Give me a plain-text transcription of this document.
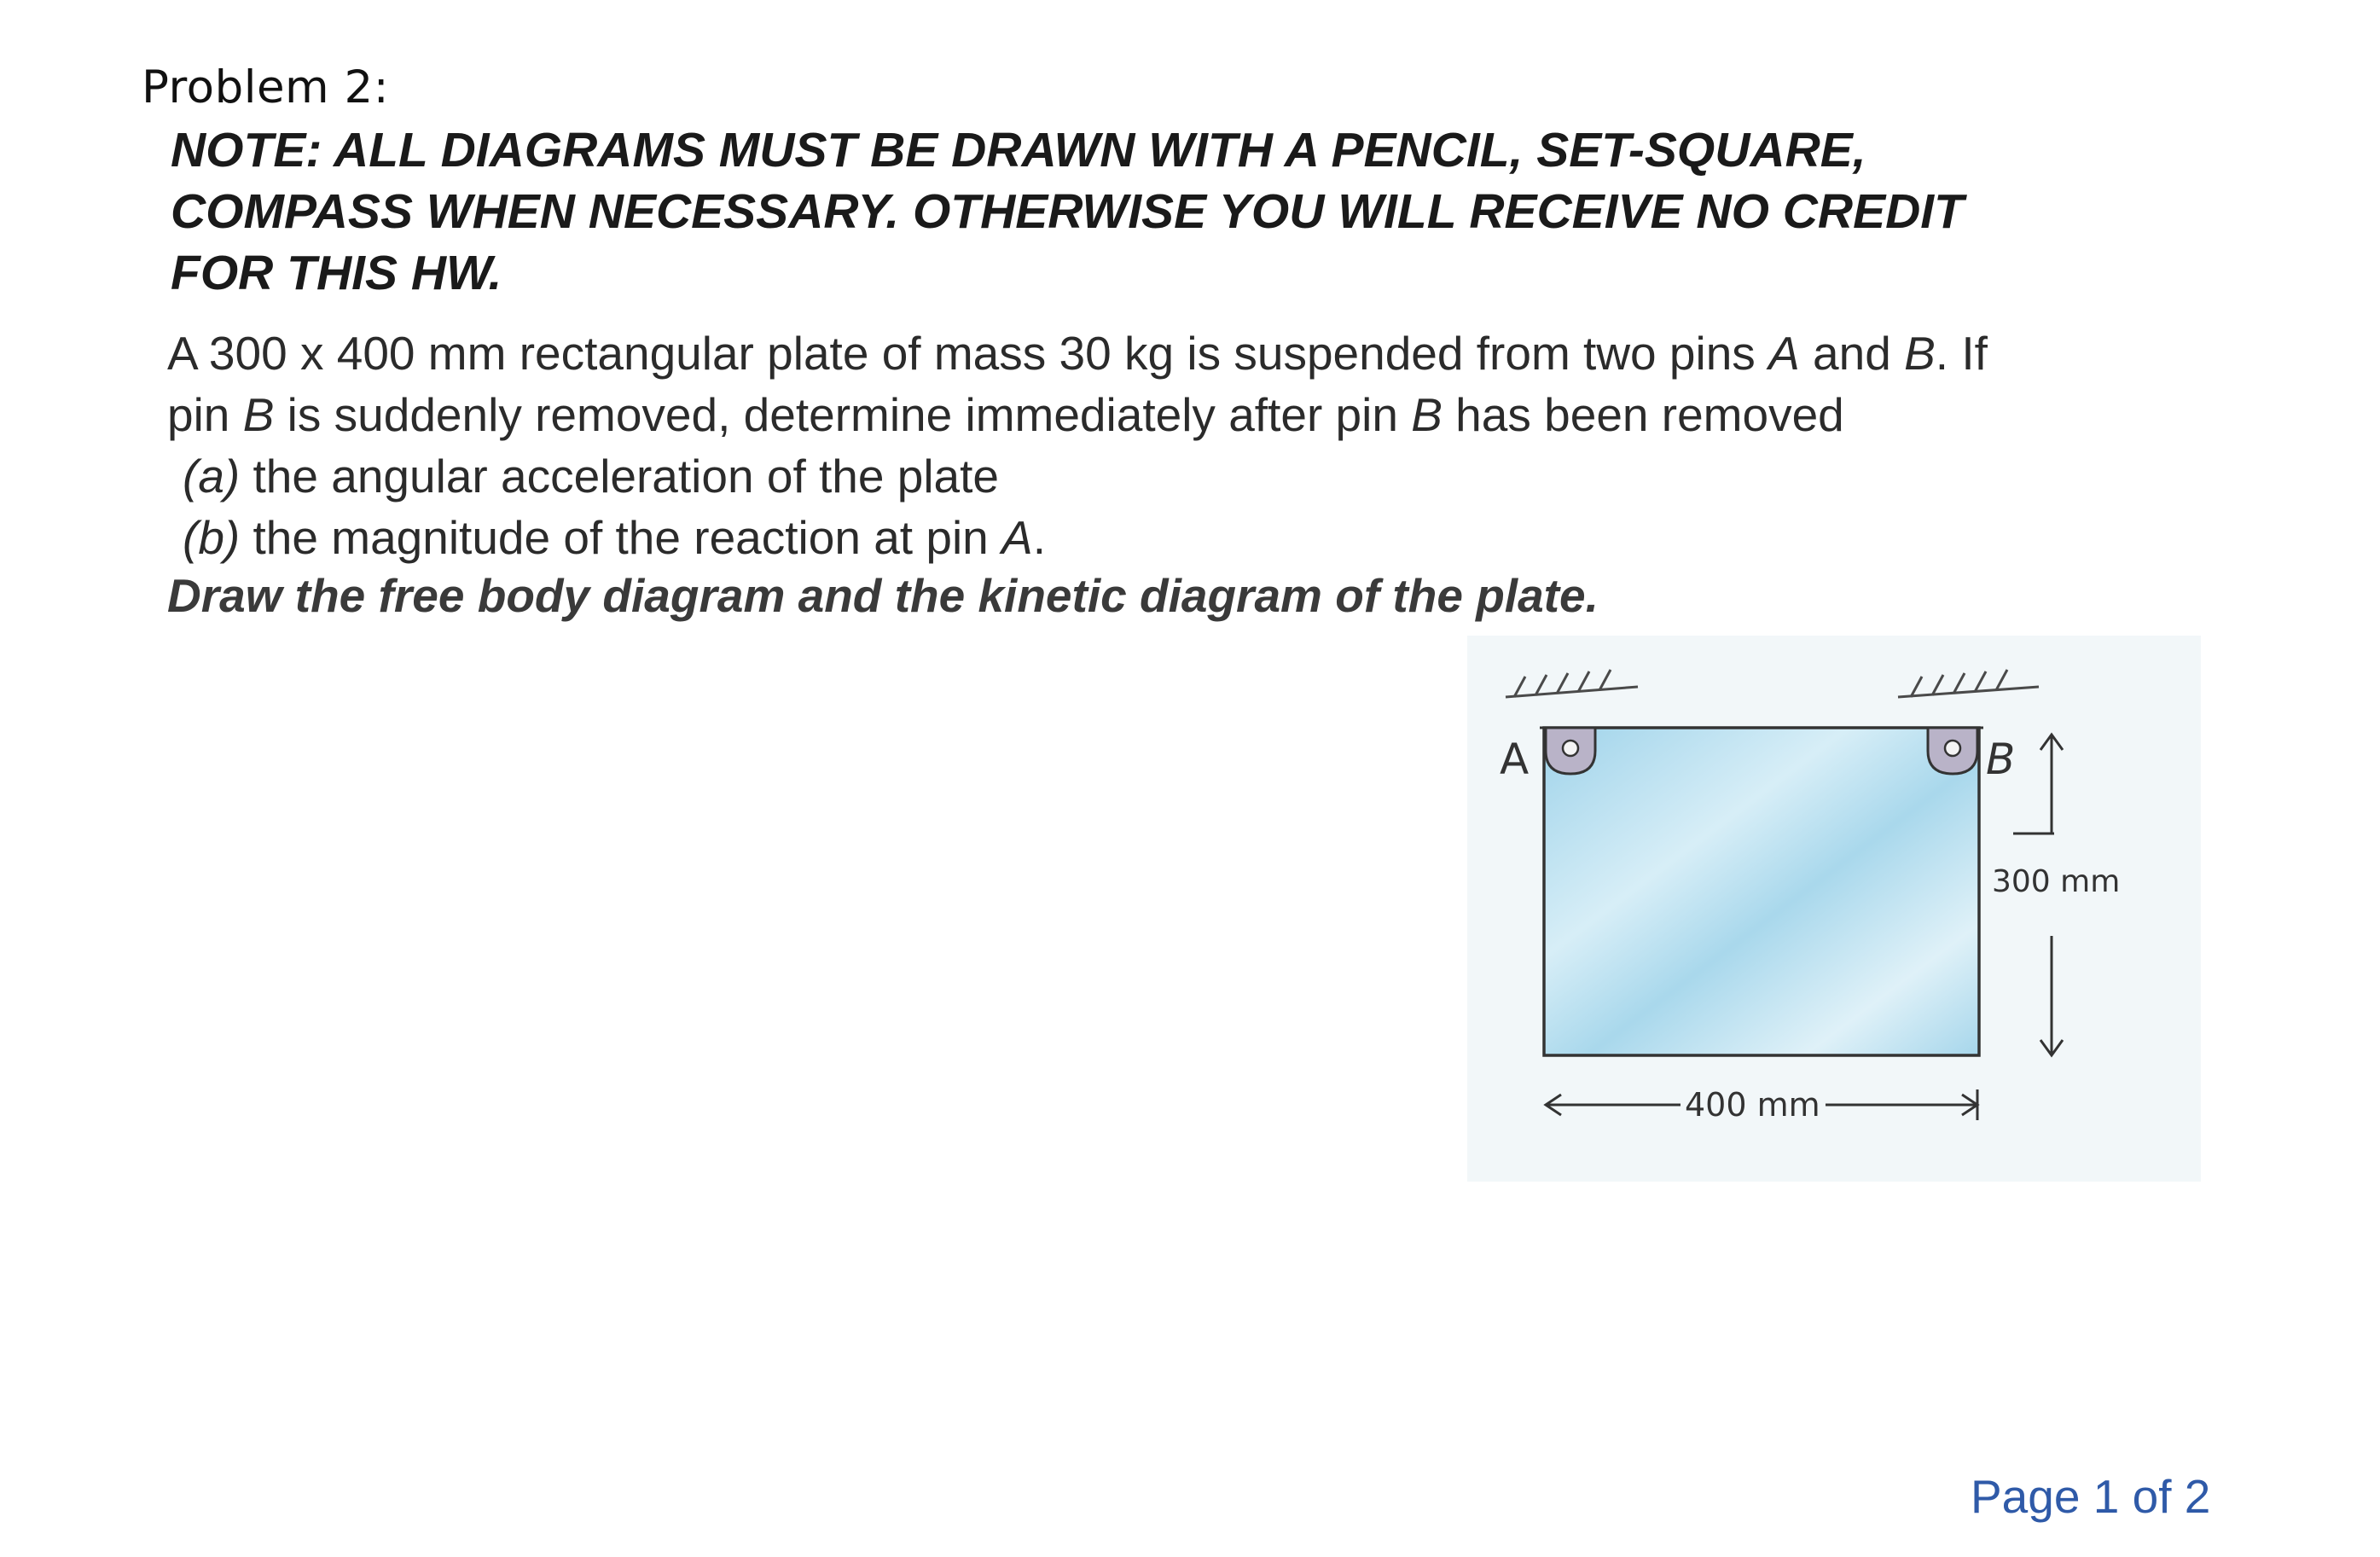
Problem 2:
NOTE: ALL DIAGRAMS MUST BE DRAWN WITH A PENCIL, SET-SQUARE,
COMPASS WHEN NECESSARY. OTHERWISE YOU WILL RECEIVE NO CREDIT
FOR THIS HW.
A 300 x 400 mm rectangular plate of mass 30 kg is suspended from two pins A and B. If
pin B is suddenly removed, determine immediately after pin B has been removed
(a) the angular acceleration of the plate
(b) the magnitude of the reaction at pin A.
Draw the free body diagram and the kinetic diagram of the plate.
A	B
300 mm
400 mm
Page 1 of 2
